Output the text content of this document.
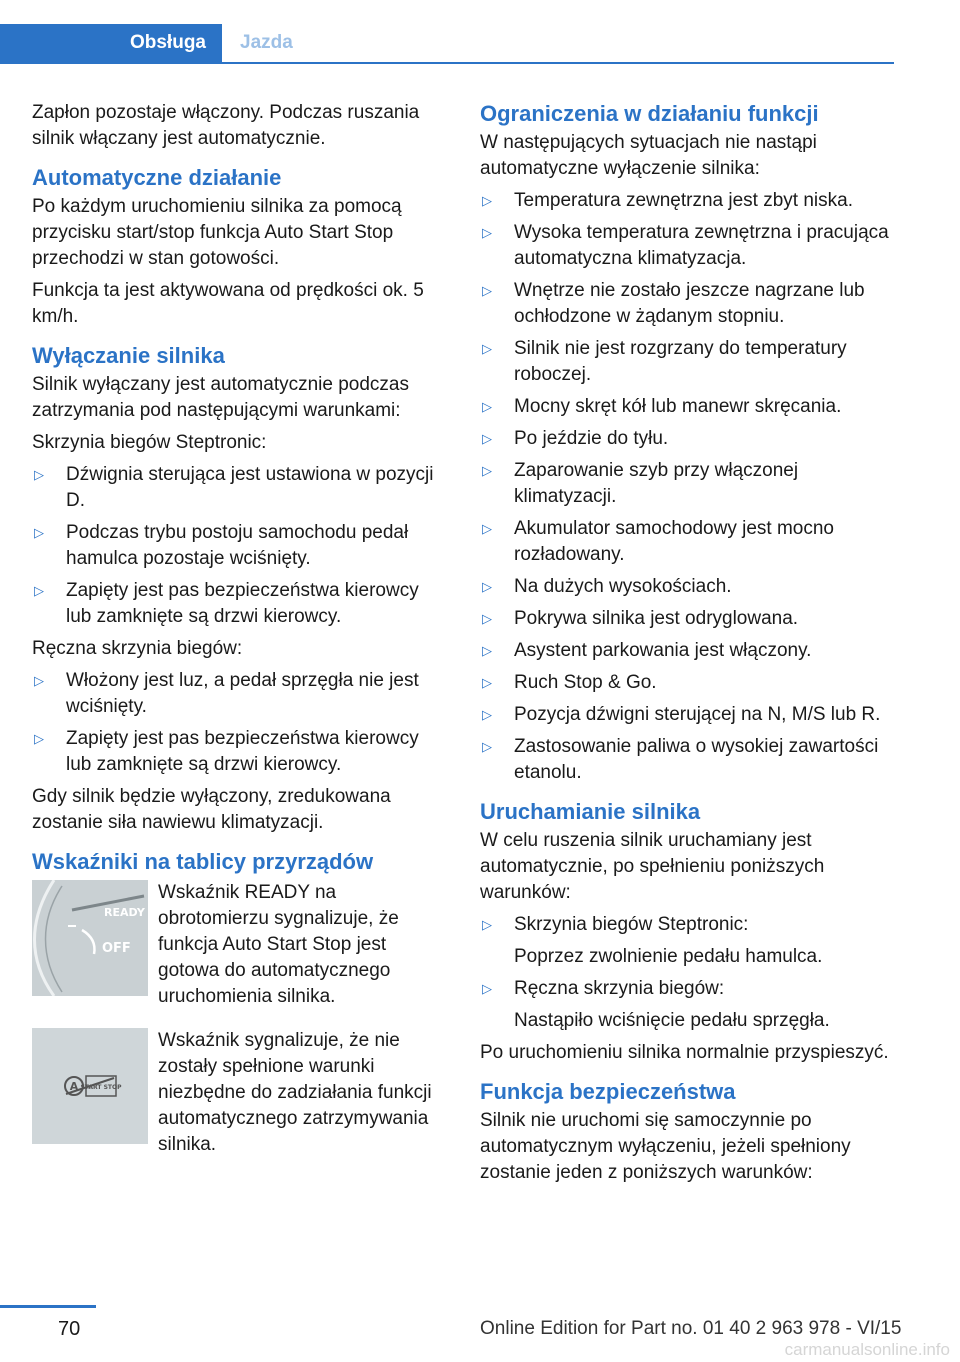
Obsługa Jazda

Zapłon pozostaje włączony. Podczas ruszania silnik włączany jest automatycznie.

Automatyczne działanie

Po każdym uruchomieniu silnika za pomocą przycisku start/stop funkcja Auto Start Stop przechodzi w stan gotowości.

Funkcja ta jest aktywowana od prędkości ok. 5 km/h.

Wyłączanie silnika

Silnik wyłączany jest automatycznie podczas zatrzymania pod następującymi warunkami:

Skrzynia biegów Steptronic:

▷ Dźwignia sterująca jest ustawiona w pozycji D.
▷ Podczas trybu postoju samochodu pedał hamulca pozostaje wciśnięty.
▷ Zapięty jest pas bezpieczeństwa kierowcy lub zamknięte są drzwi kierowcy.

Ręczna skrzynia biegów:

▷ Włożony jest luz, a pedał sprzęgła nie jest wciśnięty.
▷ Zapięty jest pas bezpieczeństwa kierowcy lub zamknięte są drzwi kierowcy.

Gdy silnik będzie wyłączony, zredukowana zostanie siła nawiewu klimatyzacji.

Wskaźniki na tablicy przyrządów
READY
OFF
Wskaźnik READY na obrotomierzu sygnalizuje, że funkcja Auto Start Stop jest gotowa do automatycznego uruchomienia silnika.
A START STOP
Wskaźnik sygnalizuje, że nie zostały spełnione warunki niezbędne do zadziałania funkcji automatycznego zatrzymywania silnika.
Ograniczenia w działaniu funkcji

W następujących sytuacjach nie nastąpi automatyczne wyłączenie silnika:

▷ Temperatura zewnętrzna jest zbyt niska.
▷ Wysoka temperatura zewnętrzna i pracująca automatyczna klimatyzacja.
▷ Wnętrze nie zostało jeszcze nagrzane lub ochłodzone w żądanym stopniu.
▷ Silnik nie jest rozgrzany do temperatury roboczej.
▷ Mocny skręt kół lub manewr skręcania.
▷ Po jeździe do tyłu.
▷ Zaparowanie szyb przy włączonej klimatyzacji.
▷ Akumulator samochodowy jest mocno rozładowany.
▷ Na dużych wysokościach.
▷ Pokrywa silnika jest odryglowana.
▷ Asystent parkowania jest włączony.
▷ Ruch Stop & Go.
▷ Pozycja dźwigni sterującej na N, M/S lub R.
▷ Zastosowanie paliwa o wysokiej zawartości etanolu.
Uruchamianie silnika

W celu ruszenia silnik uruchamiany jest automatycznie, po spełnieniu poniższych warunków:

▷ Skrzynia biegów Steptronic:
Poprzez zwolnienie pedału hamulca.
▷ Ręczna skrzynia biegów:
Nastąpiło wciśnięcie pedału sprzęgła.

Po uruchomieniu silnika normalnie przyspieszyć.

Funkcja bezpieczeństwa

Silnik nie uruchomi się samoczynnie po automatycznym wyłączeniu, jeżeli spełniony zostanie jeden z poniższych warunków:

70	Online Edition for Part no. 01 40 2 963 978 - VI/15
carmanualsonline.info
